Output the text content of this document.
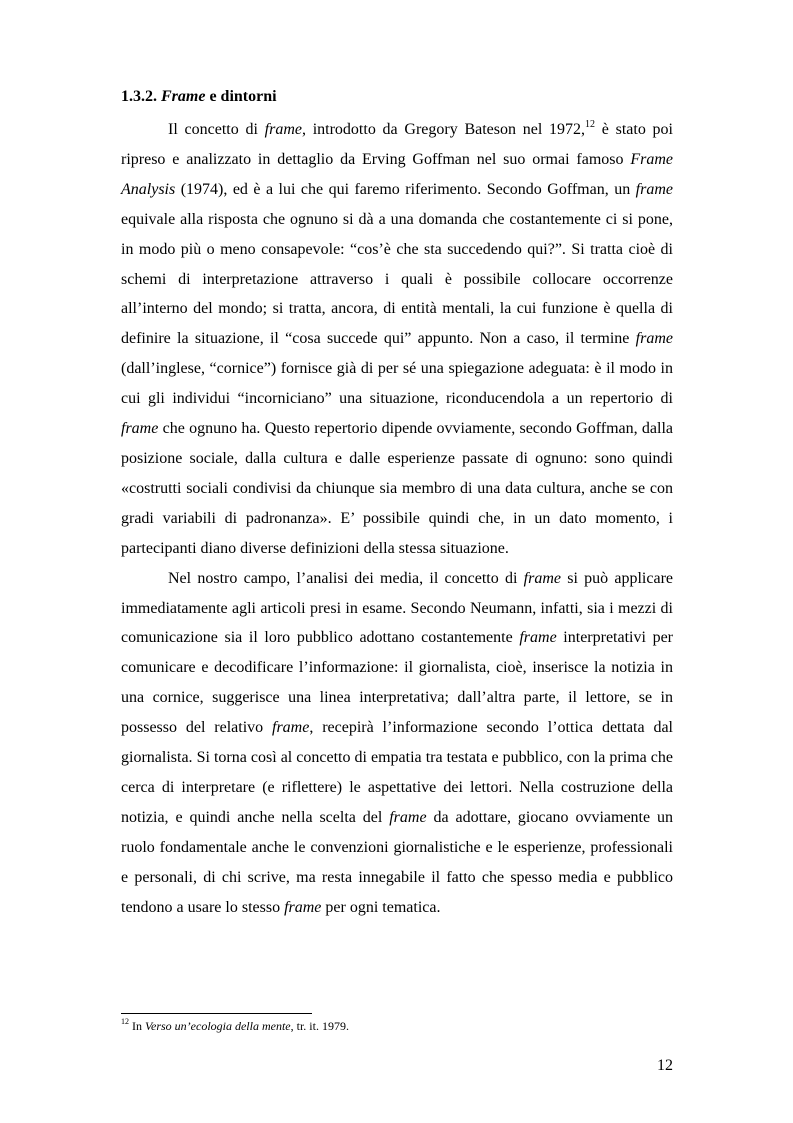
1.3.2. Frame e dintorni

Il concetto di frame, introdotto da Gregory Bateson nel 1972,12 è stato poi ripreso e analizzato in dettaglio da Erving Goffman nel suo ormai famoso Frame Analysis (1974), ed è a lui che qui faremo riferimento. Secondo Goffman, un frame equivale alla risposta che ognuno si dà a una domanda che costantemente ci si pone, in modo più o meno consapevole: “cos’è che sta succedendo qui?”. Si tratta cioè di schemi di interpretazione attraverso i quali è possibile collocare occorrenze all’interno del mondo; si tratta, ancora, di entità mentali, la cui funzione è quella di definire la situazione, il “cosa succede qui” appunto. Non a caso, il termine frame (dall’inglese, “cornice”) fornisce già di per sé una spiegazione adeguata: è il modo in cui gli individui “incorniciano” una situazione, riconducendola a un repertorio di frame che ognuno ha. Questo repertorio dipende ovviamente, secondo Goffman, dalla posizione sociale, dalla cultura e dalle esperienze passate di ognuno: sono quindi «costrutti sociali condivisi da chiunque sia membro di una data cultura, anche se con gradi variabili di padronanza». E’ possibile quindi che, in un dato momento, i partecipanti diano diverse definizioni della stessa situazione.

Nel nostro campo, l’analisi dei media, il concetto di frame si può applicare immediatamente agli articoli presi in esame. Secondo Neumann, infatti, sia i mezzi di comunicazione sia il loro pubblico adottano costantemente frame interpretativi per comunicare e decodificare l’informazione: il giornalista, cioè, inserisce la notizia in una cornice, suggerisce una linea interpretativa; dall’altra parte, il lettore, se in possesso del relativo frame, recepirà l’informazione secondo l’ottica dettata dal giornalista. Si torna così al concetto di empatia tra testata e pubblico, con la prima che cerca di interpretare (e riflettere) le aspettative dei lettori. Nella costruzione della notizia, e quindi anche nella scelta del frame da adottare, giocano ovviamente un ruolo fondamentale anche le convenzioni giornalistiche e le esperienze, professionali e personali, di chi scrive, ma resta innegabile il fatto che spesso media e pubblico tendono a usare lo stesso frame per ogni tematica.

$^{12}$ In Verso un’ecologia della mente, tr. it. 1979.
12
